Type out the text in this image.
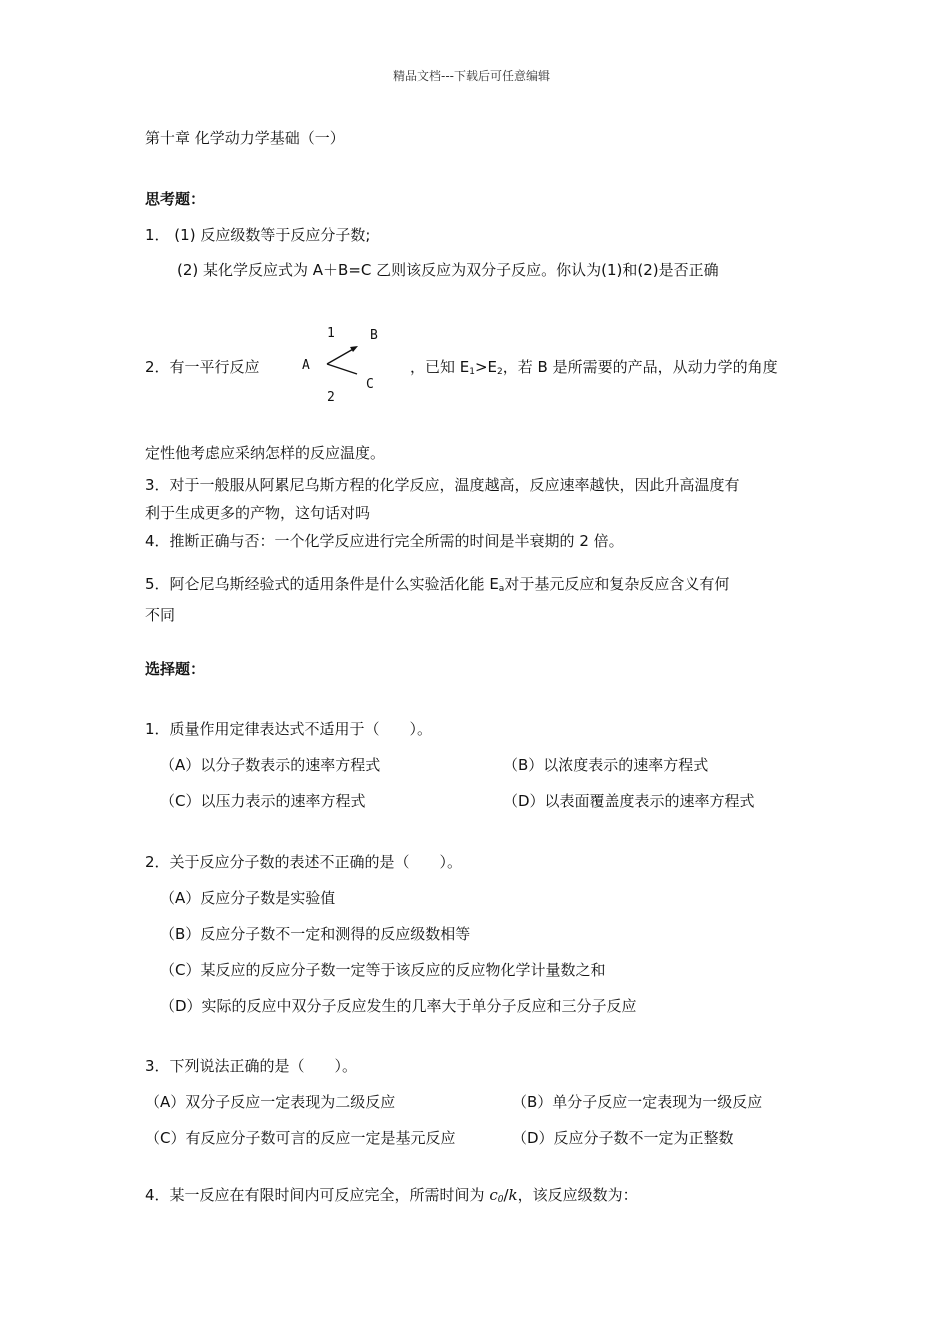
精品文档---下载后可任意编辑
第十章 化学动力学基础（一）
思考题：
1． (1) 反应级数等于反应分子数;
(2) 某化学反应式为 A＋B=C 乙则该反应为双分子反应。你认为(1)和(2)是否正确
2．有一平行反应	A
1	B
C
2
，已知 $E_1>E_2$，若 B 是所需要的产品，从动力学的角度
定性他考虑应采纳怎样的反应温度。
3．对于一般服从阿累尼乌斯方程的化学反应，温度越高，反应速率越快，因此升高温度有
利于生成更多的产物，这句话对吗
4．推断正确与否：一个化学反应进行完全所需的时间是半衰期的 2 倍。
5．阿仑尼乌斯经验式的适用条件是什么实验活化能 $E_a$对于基元反应和复杂反应含义有何
不同
选择题：
1．质量作用定律表达式不适用于（　　）。
（A）以分子数表示的速率方程式	（B）以浓度表示的速率方程式
（C）以压力表示的速率方程式	（D）以表面覆盖度表示的速率方程式
2．关于反应分子数的表述不正确的是（　　）。
（A）反应分子数是实验值
（B）反应分子数不一定和测得的反应级数相等
（C）某反应的反应分子数一定等于该反应的反应物化学计量数之和
（D）实际的反应中双分子反应发生的几率大于单分子反应和三分子反应
3．下列说法正确的是（　　）。
（A）双分子反应一定表现为二级反应	（B）单分子反应一定表现为一级反应
（C）有反应分子数可言的反应一定是基元反应	（D）反应分子数不一定为正整数
4．某一反应在有限时间内可反应完全，所需时间为 $c_0/k$，该反应级数为：
